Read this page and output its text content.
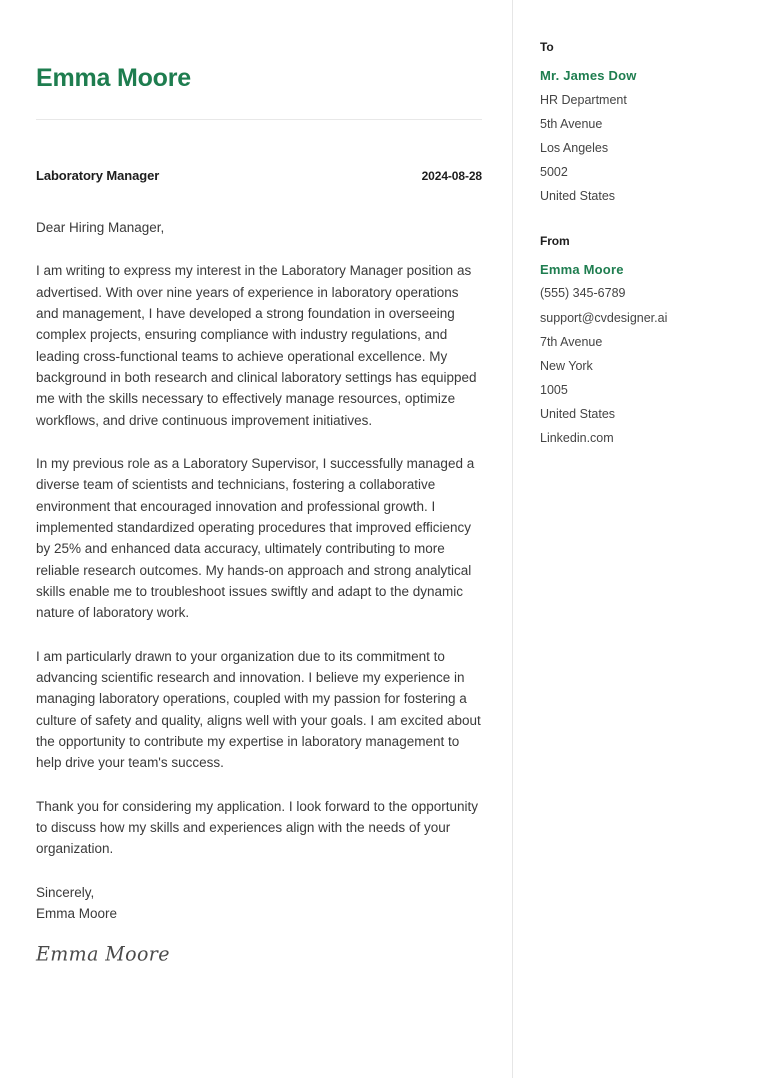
Emma Moore
Laboratory Manager	2024-08-28

Dear Hiring Manager,

I am writing to express my interest in the Laboratory Manager position as advertised. With over nine years of experience in laboratory operations and management, I have developed a strong foundation in overseeing complex projects, ensuring compliance with industry regulations, and leading cross-functional teams to achieve operational excellence. My background in both research and clinical laboratory settings has equipped me with the skills necessary to effectively manage resources, optimize workflows, and drive continuous improvement initiatives.

In my previous role as a Laboratory Supervisor, I successfully managed a diverse team of scientists and technicians, fostering a collaborative environment that encouraged innovation and professional growth. I implemented standardized operating procedures that improved efficiency by 25% and enhanced data accuracy, ultimately contributing to more reliable research outcomes. My hands-on approach and strong analytical skills enable me to troubleshoot issues swiftly and adapt to the dynamic nature of laboratory work.

I am particularly drawn to your organization due to its commitment to advancing scientific research and innovation. I believe my experience in managing laboratory operations, coupled with my passion for fostering a culture of safety and quality, aligns well with your goals. I am excited about the opportunity to contribute my expertise in laboratory management to help drive your team's success.

Thank you for considering my application. I look forward to the opportunity to discuss how my skills and experiences align with the needs of your organization.

Sincerely,
Emma Moore
Emma Moore
To
Mr. James Dow
HR Department
5th Avenue
Los Angeles
5002
United States
From
Emma Moore
(555) 345-6789
support@cvdesigner.ai
7th Avenue
New York
1005
United States
Linkedin.com
